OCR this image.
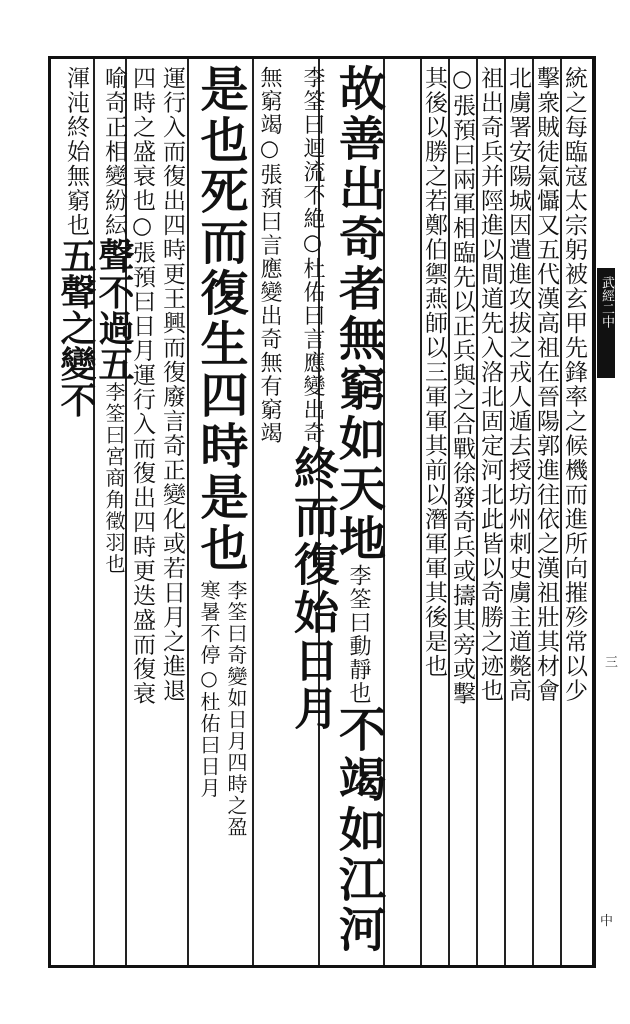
統之每臨寇太宗躬被玄甲先鋒率之候機而進所向摧殄常以少
擊衆賊徒氣懾又五代漢高祖在晉陽郭進往依之漢祖壯其材會
北虜署安陽城因遣進攻拔之戎人遁去授坊州刺史虜主道斃高
祖出奇兵并陘進以間道先入洛北固定河北此皆以奇勝之迹也
○張預曰兩軍相臨先以正兵與之合戰徐發奇兵或擣其旁或擊
其後以勝之若鄭伯禦燕師以三軍軍其前以潛軍軍其後是也
故善出奇者無窮如天地李筌曰動靜也不竭如江河
李筌曰迴流不絶○杜佑曰言應變出奇終而復始日月
無窮竭○張預曰言應變出奇無有窮竭
是也死而復生四時是也
李筌曰奇變如日月四時之盈
寒暑不停○杜佑曰日月
運行入而復出四時更王興而復廢言奇正變化或若日月之進退
四時之盛衰也○張預曰日月運行入而復出四時更迭盛而復衰
喻奇正相變紛紜聲不過五李筌曰宮商角徵羽也
渾沌終始無窮也五聲之變不	武經二中
三
中
